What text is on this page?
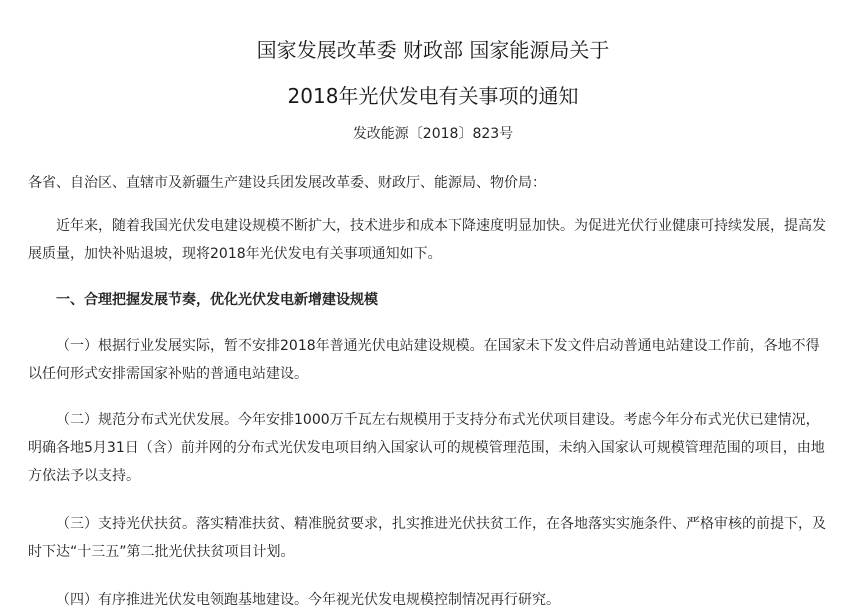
国家发展改革委 财政部 国家能源局关于
2018年光伏发电有关事项的通知
发改能源〔2018〕823号

各省、自治区、直辖市及新疆生产建设兵团发展改革委、财政厅、能源局、物价局：

近年来，随着我国光伏发电建设规模不断扩大，技术进步和成本下降速度明显加快。为促进光伏行业健康可持续发展，提高发展质量，加快补贴退坡，现将2018年光伏发电有关事项通知如下。

一、合理把握发展节奏，优化光伏发电新增建设规模

（一）根据行业发展实际，暂不安排2018年普通光伏电站建设规模。在国家未下发文件启动普通电站建设工作前，各地不得以任何形式安排需国家补贴的普通电站建设。

（二）规范分布式光伏发展。今年安排1000万千瓦左右规模用于支持分布式光伏项目建设。考虑今年分布式光伏已建情况，明确各地5月31日（含）前并网的分布式光伏发电项目纳入国家认可的规模管理范围，未纳入国家认可规模管理范围的项目，由地方依法予以支持。

（三）支持光伏扶贫。落实精准扶贫、精准脱贫要求，扎实推进光伏扶贫工作，在各地落实实施条件、严格审核的前提下，及时下达“十三五”第二批光伏扶贫项目计划。

（四）有序推进光伏发电领跑基地建设。今年视光伏发电规模控制情况再行研究。
